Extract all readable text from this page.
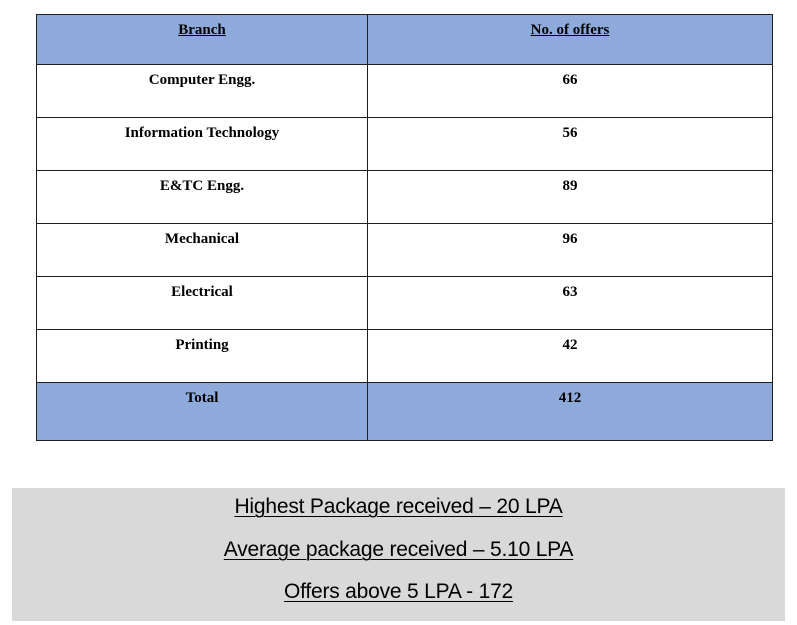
Branch	No. of offers
Computer Engg.	66
Information Technology	56
E&TC Engg.	89
Mechanical	96
Electrical	63
Printing	42
Total	412
Highest Package received – 20 LPA
Average package received – 5.10 LPA
Offers above 5 LPA - 172
